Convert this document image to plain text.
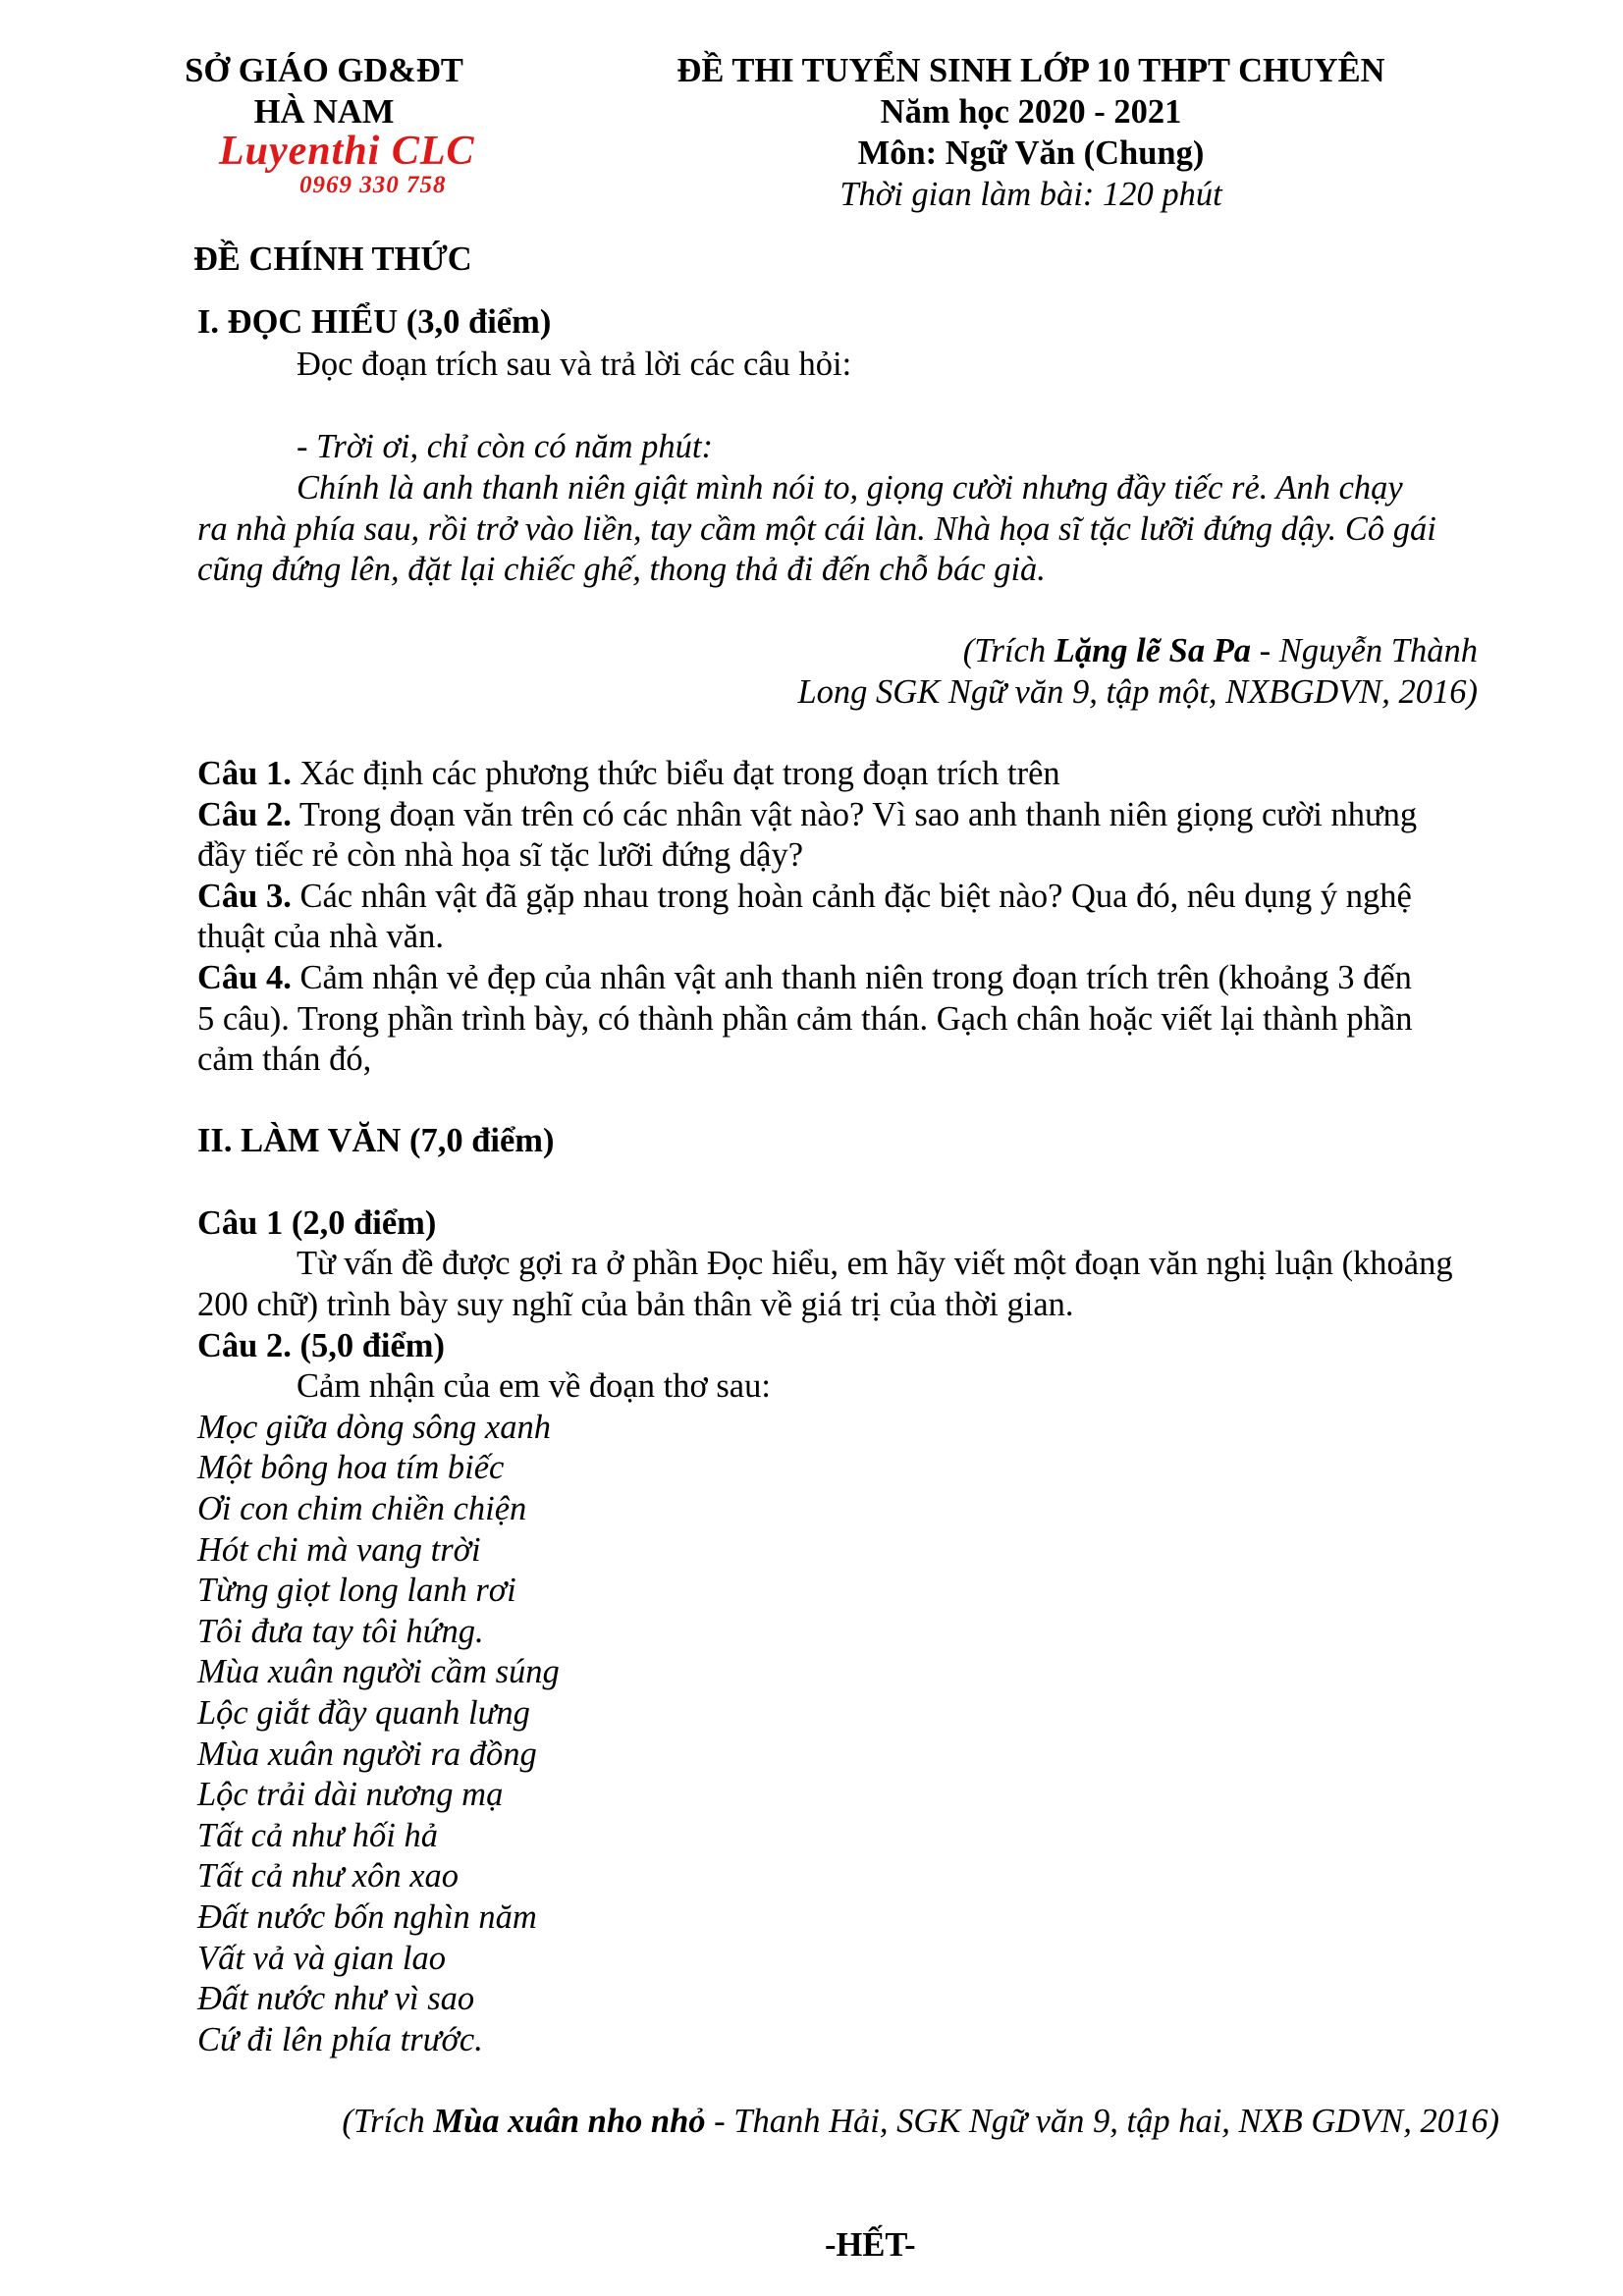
SỞ GIÁO GD&ĐT
HÀ NAM
Luyenthi CLC
0969 330 758
ĐỀ CHÍNH THỨC
ĐỀ THI TUYỂN SINH LỚP 10 THPT CHUYÊN
Năm học 2020 - 2021
Môn: Ngữ Văn (Chung)
Thời gian làm bài: 120 phút
I. ĐỌC HIỂU (3,0 điểm)
Đọc đoạn trích sau và trả lời các câu hỏi:
- Trời ơi, chỉ còn có năm phút:
Chính là anh thanh niên giật mình nói to, giọng cười nhưng đầy tiếc rẻ. Anh chạy
ra nhà phía sau, rồi trở vào liền, tay cầm một cái làn. Nhà họa sĩ tặc lưỡi đứng dậy. Cô gái
cũng đứng lên, đặt lại chiếc ghế, thong thả đi đến chỗ bác già.
(Trích Lặng lẽ Sa Pa - Nguyễn Thành
Long SGK Ngữ văn 9, tập một, NXBGDVN, 2016)
Câu 1. Xác định các phương thức biểu đạt trong đoạn trích trên
Câu 2. Trong đoạn văn trên có các nhân vật nào? Vì sao anh thanh niên giọng cười nhưng
đầy tiếc rẻ còn nhà họa sĩ tặc lưỡi đứng dậy?
Câu 3. Các nhân vật đã gặp nhau trong hoàn cảnh đặc biệt nào? Qua đó, nêu dụng ý nghệ
thuật của nhà văn.
Câu 4. Cảm nhận vẻ đẹp của nhân vật anh thanh niên trong đoạn trích trên (khoảng 3 đến
5 câu). Trong phần trình bày, có thành phần cảm thán. Gạch chân hoặc viết lại thành phần
cảm thán đó,
II. LÀM VĂN (7,0 điểm)
Câu 1 (2,0 điểm)
Từ vấn đề được gợi ra ở phần Đọc hiểu, em hãy viết một đoạn văn nghị luận (khoảng
200 chữ) trình bày suy nghĩ của bản thân về giá trị của thời gian.
Câu 2. (5,0 điểm)
Cảm nhận của em về đoạn thơ sau:
Mọc giữa dòng sông xanh
Một bông hoa tím biếc
Ơi con chim chiền chiện
Hót chi mà vang trời
Từng giọt long lanh rơi
Tôi đưa tay tôi hứng.
Mùa xuân người cầm súng
Lộc giắt đầy quanh lưng
Mùa xuân người ra đồng
Lộc trải dài nương mạ
Tất cả như hối hả
Tất cả như xôn xao
Đất nước bốn nghìn năm
Vất vả và gian lao
Đất nước như vì sao
Cứ đi lên phía trước.
(Trích Mùa xuân nho nhỏ - Thanh Hải, SGK Ngữ văn 9, tập hai, NXB GDVN, 2016)
-HẾT-
